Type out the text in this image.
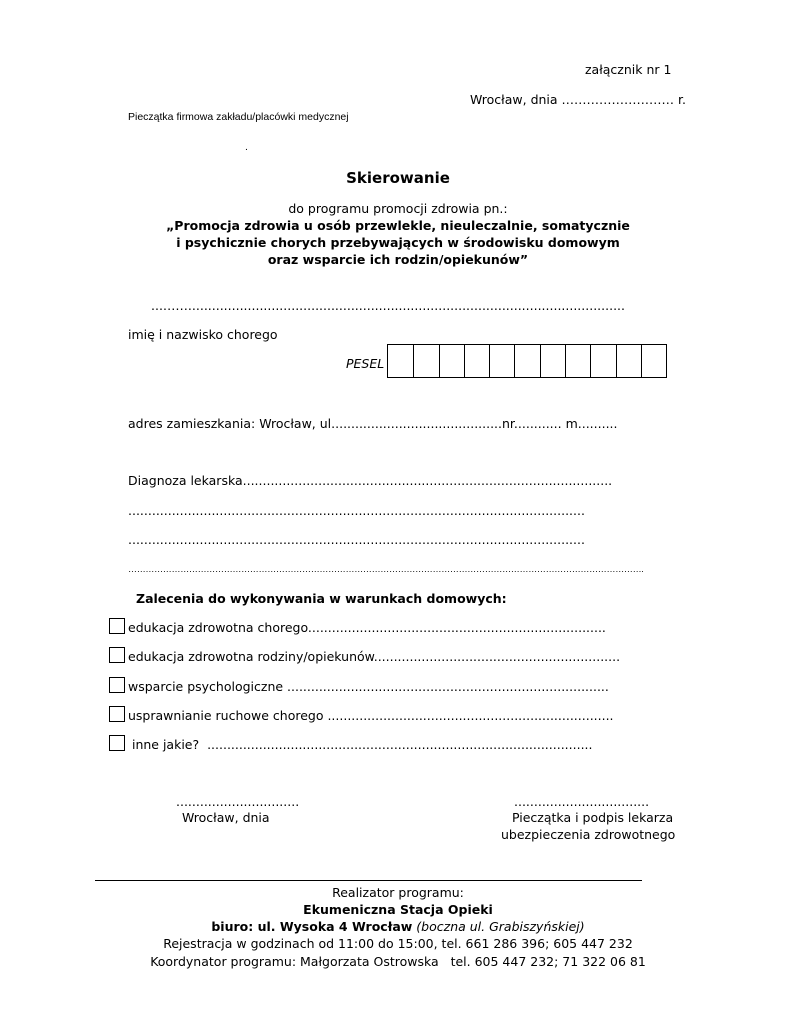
załącznik nr 1
Wrocław, dnia ……………………… r.
Pieczątka firmowa zakładu/placówki medycznej
.
Skierowanie
do programu promocji zdrowia pn.:
„Promocja zdrowia u osób przewlekle, nieuleczalnie, somatycznie
i psychicznie chorych przebywających w środowisku domowym
oraz wsparcie ich rodzin/opiekunów”
...……..............................................................................................................
imię i nazwisko chorego
PESEL
adres zamieszkania: Wrocław, ul...........................................nr............ m..........
Diagnoza lekarska.............................................................................................
...................................................................................................................
...................................................................................................................
…………………………………………………………………………………………………………………………………………………………….
Zalecenia do wykonywania w warunkach domowych:
edukacja zdrowotna chorego...........................................................................
edukacja zdrowotna rodziny/opiekunów..............................................................
wsparcie psychologiczne .................................................................................
usprawnianie ruchowe chorego ........................................................................
inne jakie?  .................................................................................................
...............................
Wrocław, dnia
..................................
Pieczątka i podpis lekarza
ubezpieczenia zdrowotnego
Realizator programu:
Ekumeniczna Stacja Opieki
biuro: ul. Wysoka 4 Wrocław (boczna ul. Grabiszyńskiej)
Rejestracja w godzinach od 11:00 do 15:00, tel. 661 286 396; 605 447 232
Koordynator programu: Małgorzata Ostrowska   tel. 605 447 232; 71 322 06 81
